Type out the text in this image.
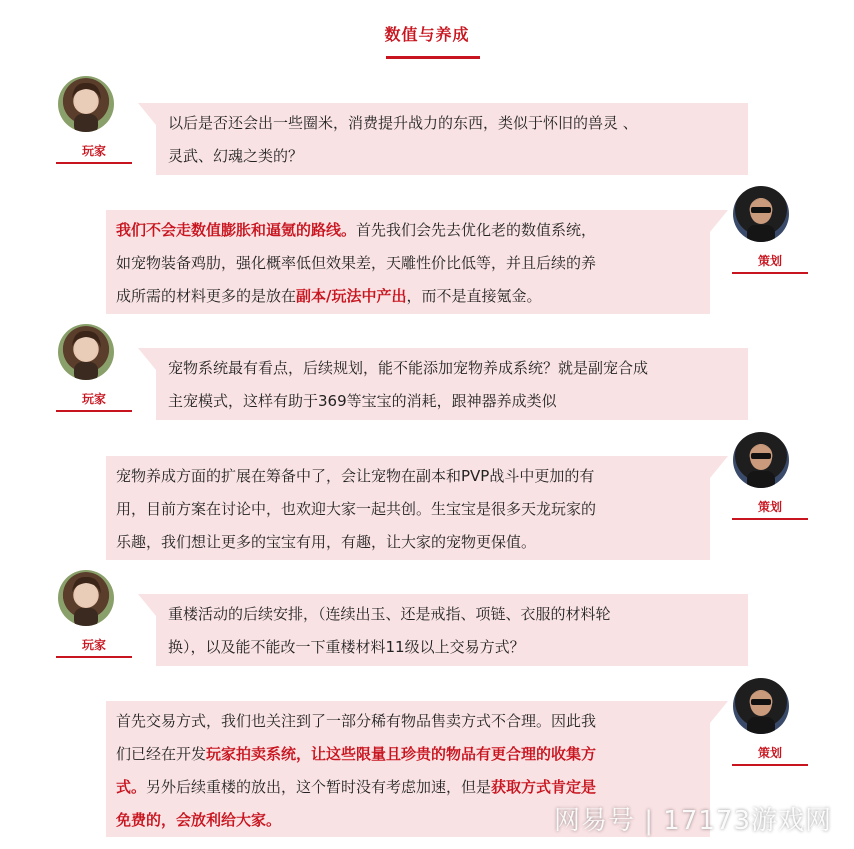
数值与养成
玩家
以后是否还会出一些圈米，消费提升战力的东西，类似于怀旧的兽灵 、
灵武、幻魂之类的？
策划
我们不会走数值膨胀和逼氪的路线。首先我们会先去优化老的数值系统，
如宠物装备鸡肋，强化概率低但效果差，天雕性价比低等，并且后续的养
成所需的材料更多的是放在副本/玩法中产出，而不是直接氪金。
玩家
宠物系统最有看点，后续规划，能不能添加宠物养成系统？就是副宠合成
主宠模式，这样有助于369等宝宝的消耗，跟神器养成类似
策划
宠物养成方面的扩展在筹备中了，会让宠物在副本和PVP战斗中更加的有
用，目前方案在讨论中，也欢迎大家一起共创。生宝宝是很多天龙玩家的
乐趣，我们想让更多的宝宝有用，有趣，让大家的宠物更保值。
玩家
重楼活动的后续安排，（连续出玉、还是戒指、项链、衣服的材料轮
换），以及能不能改一下重楼材料11级以上交易方式？
策划
首先交易方式，我们也关注到了一部分稀有物品售卖方式不合理。因此我
们已经在开发玩家拍卖系统，让这些限量且珍贵的物品有更合理的收集方
式。另外后续重楼的放出，这个暂时没有考虑加速，但是获取方式肯定是
免费的，会放利给大家。	网易号 | 17173游戏网
